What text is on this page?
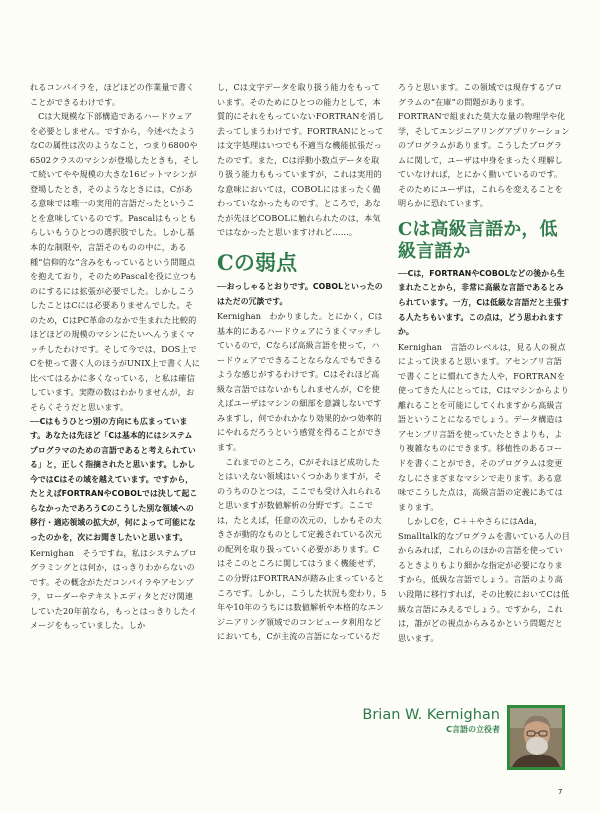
れるコンパイラを，ほどほどの作業量で書くことができるわけです。

Cは大規模な下部構造であるハードウェアを必要としません。ですから，今述べたようなCの属性は次のようなこと，つまり6800や6502クラスのマシンが登場したときも，そして続いてやや規模の大きな16ビットマシンが登場したとき，そのようなときには，Cがある意味では唯一の実用的言語だったということを意味しているのです。Pascalはもっともらしいもうひとつの選択肢でした。しかし基本的な制限や，言語そのものの中に，ある種“信仰的な”含みをもっているという問題点を抱えており，そのためPascalを役に立つものにするには拡張が必要でした。しかしこうしたことはCには必要ありませんでした。そのため，CはPC革命のなかで生まれた比較的ほどほどの規模のマシンにたいへんうまくマッチしたわけです。そして今では，DOS上でCを使って書く人のほうがUNIX上で書く人に比べてはるかに多くなっている，と私は確信しています。実際の数はわかりませんが，おそらくそうだと思います。

──Cはもうひとつ別の方向にも広まっています。あなたは先ほど「Cは基本的にはシステムプログラマのための言語であると考えられている」と，正しく指摘されたと思います。しかし今ではCはその域を越えています。ですから，たとえばFORTRANやCOBOLでは決して起こらなかったであろうCのこうした別な領域への移行・適応領域の拡大が，何によって可能になったのかを，次にお聞きしたいと思います。

Kernighan　そうですね，私はシステムプログラミングとは何か，はっきりわからないのです。その概念がただコンパイラやアセンブラ，ローダーやテキストエディタとだけ関連していた20年前なら，もっとはっきりしたイメージをもっていました。しか

し，Cは文字データを取り扱う能力をもっています。そのためにひとつの能力として，本質的にそれをもっていないFORTRANを消し去ってしまうわけです。FORTRANにとっては文字処理はいつでも不適当な機能拡張だったのです。また，Cは浮動小数点データを取り扱う能力ももっていますが，これは実用的な意味においては，COBOLにはまったく備わっていなかったものです。ところで，あなたが先ほどCOBOLに触れられたのは，本気ではなかったと思いますけれど……。

Cの弱点

──おっしゃるとおりです。COBOLといったのはただの冗談です。

Kernighan　わかりました。とにかく，Cは基本的にあるハードウェアにうまくマッチしているので，Cならば高級言語を使って，ハードウェアでできることならなんでもできるような感じがするわけです。Cはそれほど高級な言語ではないかもしれませんが，Cを使えばユーザはマシンの細部を意識しないですみますし，何でかれかなり効果的かつ効率的にやれるだろうという感覚を得ることができます。

これまでのところ，Cがそれほど成功したとはいえない領域はいくつかありますが，そのうちのひとつは，ここでも受け入れられると思いますが数値解析の分野です。ここでは，たとえば，任意の次元の，しかもその大きさが動的なものとして定義されている次元の配列を取り扱っていく必要があります。Cはそこのところに関してはうまく機能せず，この分野はFORTRANが踏み止まっているところです。しかし，こうした状況も変わり，5年や10年のうちには数値解析や本格的なエンジニアリング領域でのコンピュータ利用などにおいても，Cが主流の言語になっているだ

ろうと思います。この領域では現存するプログラムの“在庫”の問題があります。FORTRANで組まれた莫大な量の物理学や化学，そしてエンジニアリングアプリケーションのプログラムがあります。こうしたプログラムに関して，ユーザは中身をまったく理解していなければ，とにかく動いているのです。そのためにユーザは，これらを変えることを明らかに恐れています。

Cは高級言語か，低級言語か

──Cは，FORTRANやCOBOLなどの後から生まれたことから，非常に高級な言語であるとみられています。一方，Cは低級な言語だと主張する人たちもいます。この点は，どう思われますか。

Kernighan　言語のレベルは，見る人の視点によって決まると思います。アセンブリ言語で書くことに慣れてきた人や，FORTRANを使ってきた人にとっては，Cはマシンからより離れることを可能にしてくれますから高級言語ということになるでしょう。データ構造はアセンブリ言語を使っていたときよりも，より複雑なものにできます。移植性のあるコードを書くことができ，そのプログラムは変更なしにさまざまなマシンで走ります。ある意味でこうした点は，高級言語の定義にあてはまります。

しかしCを，C＋＋やさらにはAda，Smalltalk的なプログラムを書いている人の目からみれば，これらのほかの言語を使っているときよりもより細かな指定が必要になりますから，低級な言語でしょう。言語のより高い段階に移行すれば，その比較においてCは低級な言語にみえるでしょう。ですから，これは，誰がどの視点からみるかという問題だと思います。

Brian W. Kernighan
C言語の立役者
7
